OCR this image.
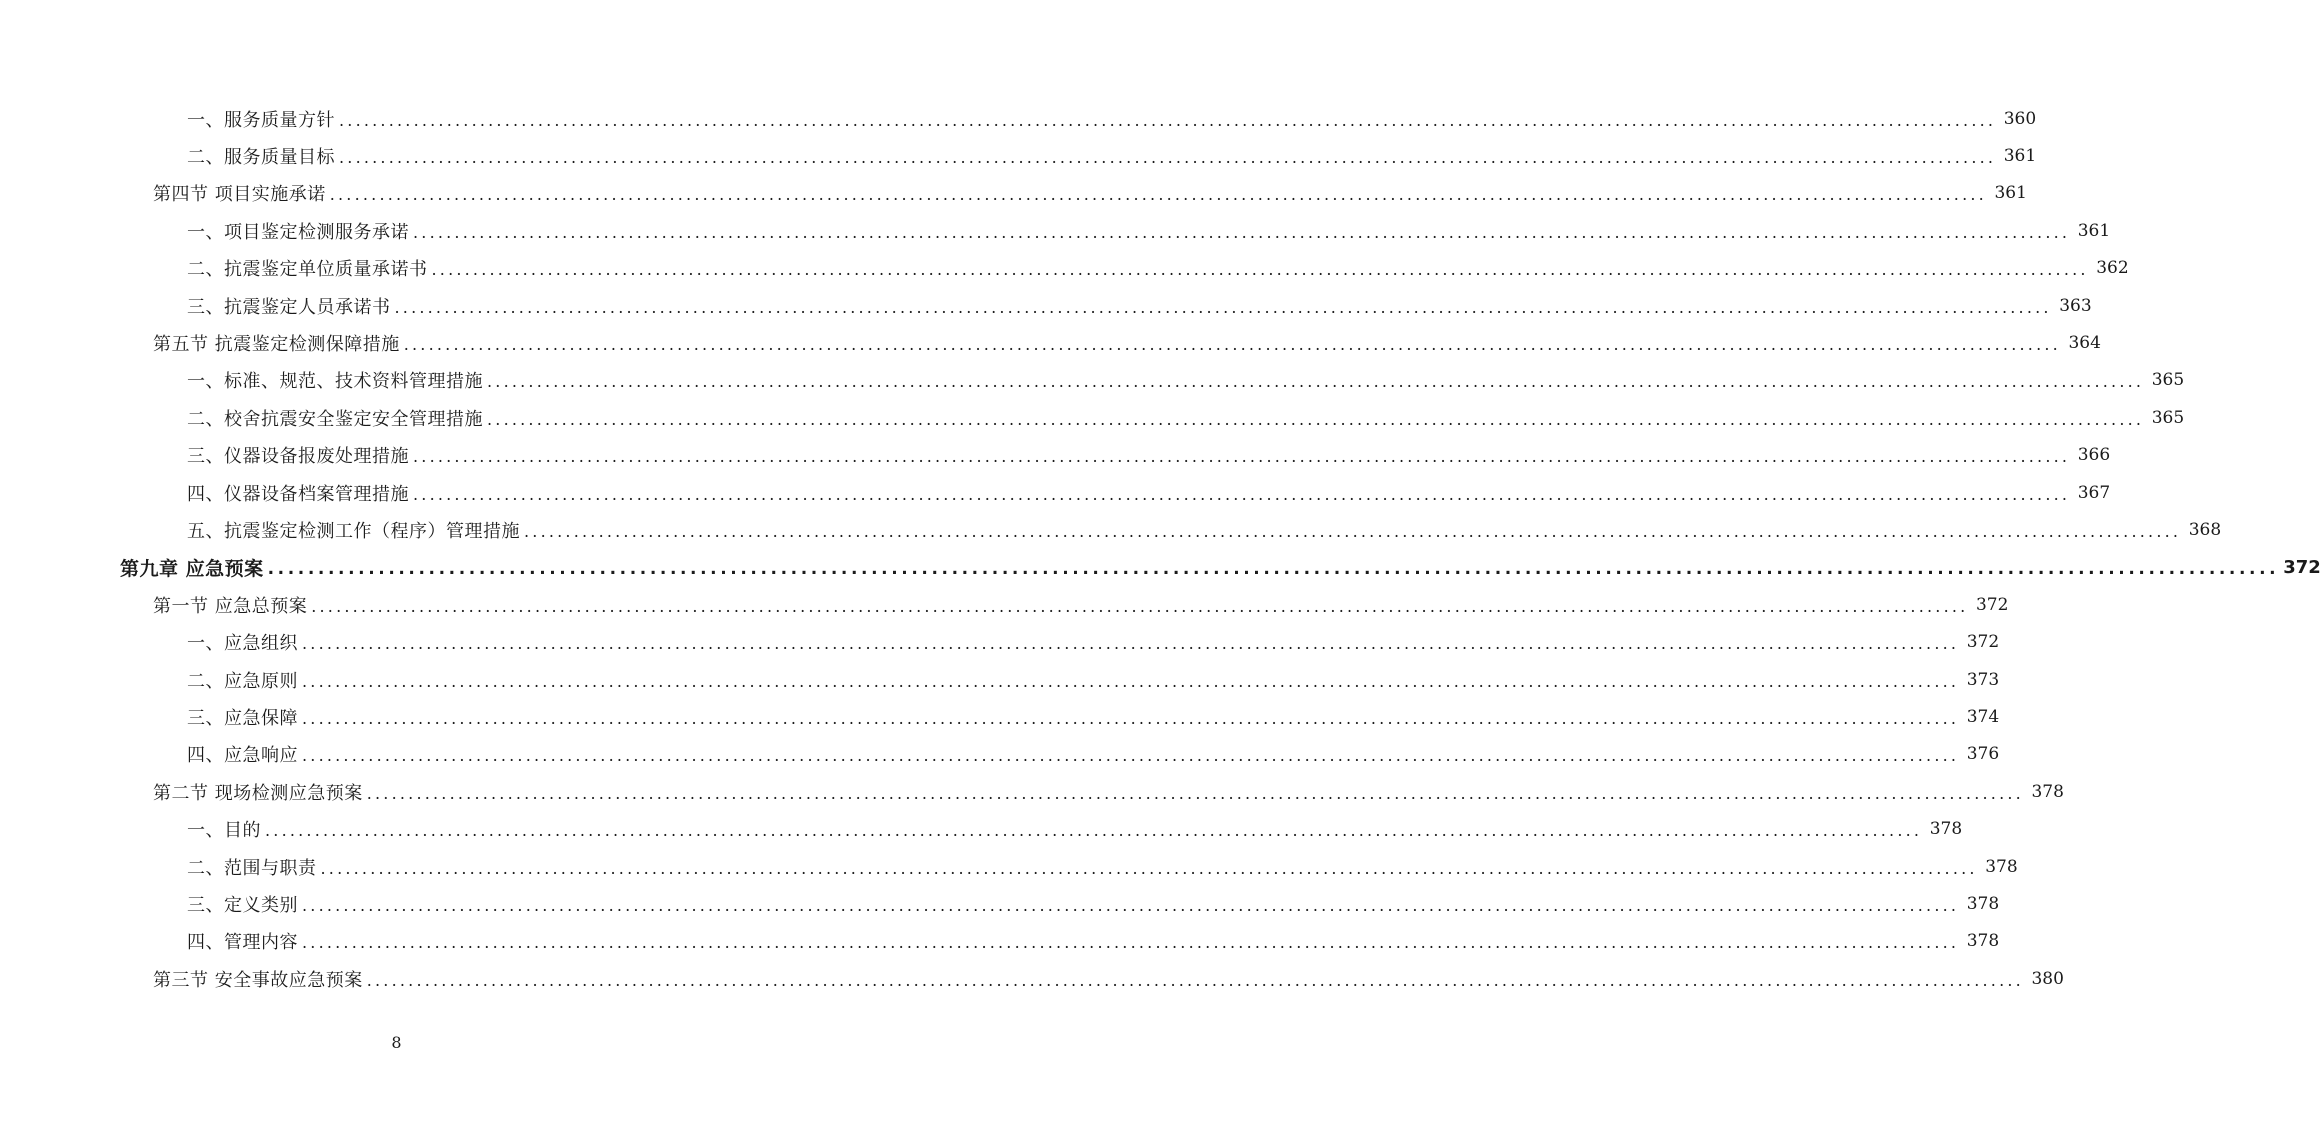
一、服务质量方针 ........................................................................................................................................................................................................ 360
二、服务质量目标 ........................................................................................................................................................................................................ 361
第四节 项目实施承诺 ........................................................................................................................................................................................................ 361
一、项目鉴定检测服务承诺 ........................................................................................................................................................................................................ 361
二、抗震鉴定单位质量承诺书 ........................................................................................................................................................................................................ 362
三、抗震鉴定人员承诺书 ........................................................................................................................................................................................................ 363
第五节 抗震鉴定检测保障措施 ........................................................................................................................................................................................................ 364
一、标准、规范、技术资料管理措施 ........................................................................................................................................................................................................ 365
二、校舍抗震安全鉴定安全管理措施 ........................................................................................................................................................................................................ 365
三、仪器设备报废处理措施 ........................................................................................................................................................................................................ 366
四、仪器设备档案管理措施 ........................................................................................................................................................................................................ 367
五、抗震鉴定检测工作（程序）管理措施 ........................................................................................................................................................................................................ 368
第九章 应急预案 ........................................................................................................................................................................................................ 372
第一节 应急总预案 ........................................................................................................................................................................................................ 372
一、应急组织 ........................................................................................................................................................................................................ 372
二、应急原则 ........................................................................................................................................................................................................ 373
三、应急保障 ........................................................................................................................................................................................................ 374
四、应急响应 ........................................................................................................................................................................................................ 376
第二节 现场检测应急预案 ........................................................................................................................................................................................................ 378
一、目的 ........................................................................................................................................................................................................ 378
二、范围与职责 ........................................................................................................................................................................................................ 378
三、定义类别 ........................................................................................................................................................................................................ 378
四、管理内容 ........................................................................................................................................................................................................ 378
第三节 安全事故应急预案 ........................................................................................................................................................................................................ 380
8
